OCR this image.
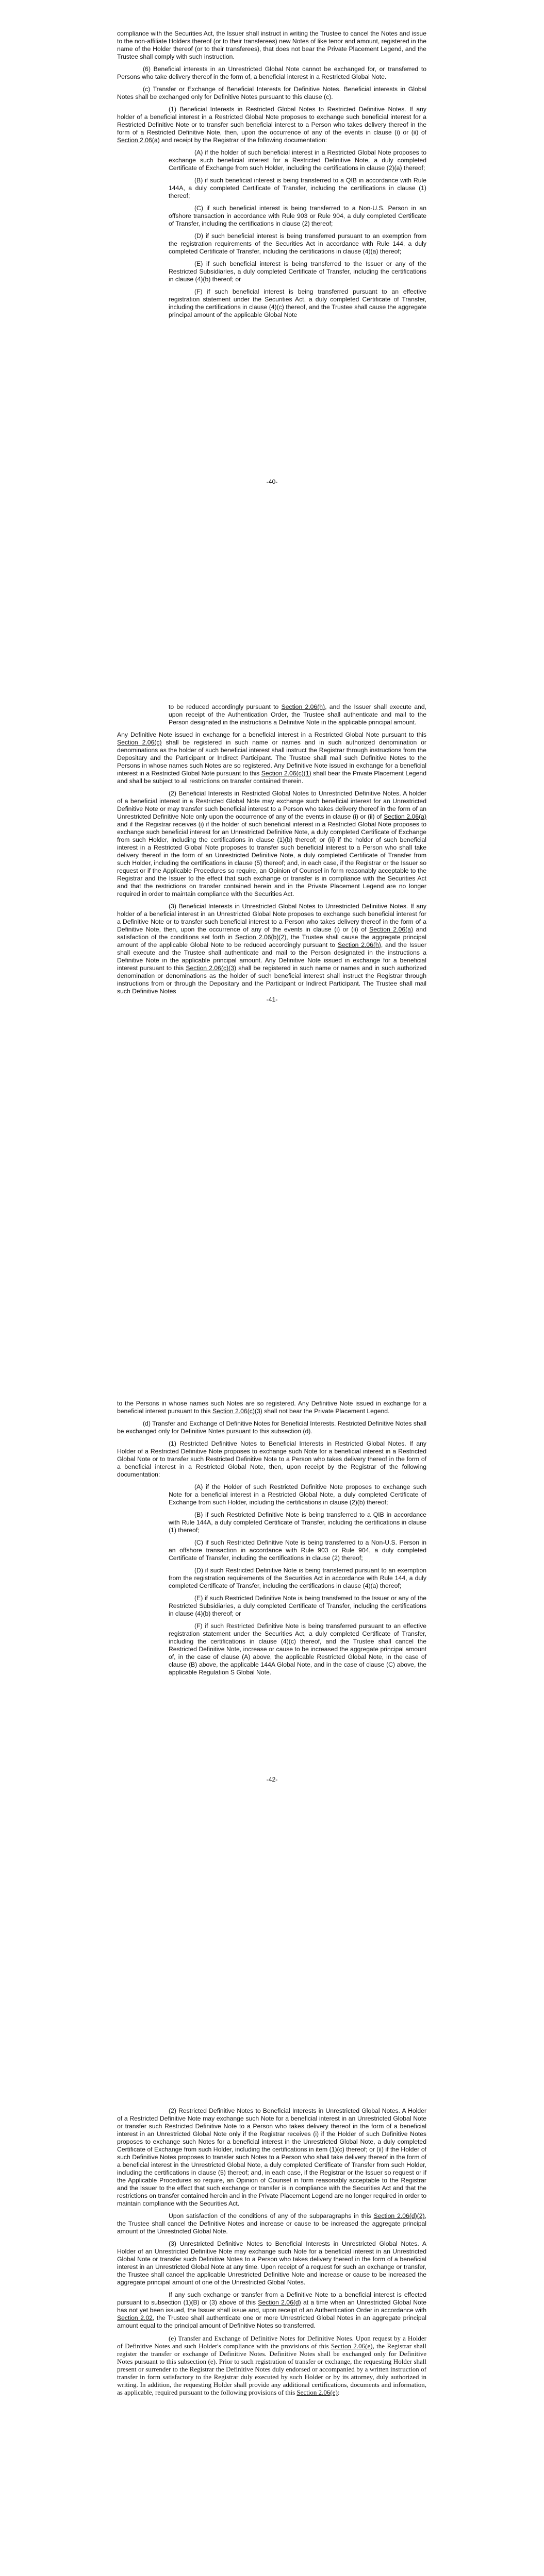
compliance with the Securities Act, the Issuer shall instruct in writing the Trustee to cancel the Notes and issue to the non-affiliate Holders thereof (or to their transferees) new Notes of like tenor and amount, registered in the name of the Holder thereof (or to their transferees), that does not bear the Private Placement Legend, and the Trustee shall comply with such instruction.

(6) Beneficial interests in an Unrestricted Global Note cannot be exchanged for, or transferred to Persons who take delivery thereof in the form of, a beneficial interest in a Restricted Global Note.

(c) Transfer or Exchange of Beneficial Interests for Definitive Notes. Beneficial interests in Global Notes shall be exchanged only for Definitive Notes pursuant to this clause (c).

(1) Beneficial Interests in Restricted Global Notes to Restricted Definitive Notes. If any holder of a beneficial interest in a Restricted Global Note proposes to exchange such beneficial interest for a Restricted Definitive Note or to transfer such beneficial interest to a Person who takes delivery thereof in the form of a Restricted Definitive Note, then, upon the occurrence of any of the events in clause (i) or (ii) of Section 2.06(a) and receipt by the Registrar of the following documentation:

(A) if the holder of such beneficial interest in a Restricted Global Note proposes to exchange such beneficial interest for a Restricted Definitive Note, a duly completed Certificate of Exchange from such Holder, including the certifications in clause (2)(a) thereof;

(B) if such beneficial interest is being transferred to a QIB in accordance with Rule 144A, a duly completed Certificate of Transfer, including the certifications in clause (1) thereof;

(C) if such beneficial interest is being transferred to a Non-U.S. Person in an offshore transaction in accordance with Rule 903 or Rule 904, a duly completed Certificate of Transfer, including the certifications in clause (2) thereof;

(D) if such beneficial interest is being transferred pursuant to an exemption from the registration requirements of the Securities Act in accordance with Rule 144, a duly completed Certificate of Transfer, including the certifications in clause (4)(a) thereof;

(E) if such beneficial interest is being transferred to the Issuer or any of the Restricted Subsidiaries, a duly completed Certificate of Transfer, including the certifications in clause (4)(b) thereof; or

(F) if such beneficial interest is being transferred pursuant to an effective registration statement under the Securities Act, a duly completed Certificate of Transfer, including the certifications in clause (4)(c) thereof, and the Trustee shall cause the aggregate principal amount of the applicable Global Note

-40-

to be reduced accordingly pursuant to Section 2.06(h), and the Issuer shall execute and, upon receipt of the Authentication Order, the Trustee shall authenticate and mail to the Person designated in the instructions a Definitive Note in the applicable principal amount.

Any Definitive Note issued in exchange for a beneficial interest in a Restricted Global Note pursuant to this Section 2.06(c) shall be registered in such name or names and in such authorized denomination or denominations as the holder of such beneficial interest shall instruct the Registrar through instructions from the Depositary and the Participant or Indirect Participant. The Trustee shall mail such Definitive Notes to the Persons in whose names such Notes are so registered. Any Definitive Note issued in exchange for a beneficial interest in a Restricted Global Note pursuant to this Section 2.06(c)(1) shall bear the Private Placement Legend and shall be subject to all restrictions on transfer contained therein.

(2) Beneficial Interests in Restricted Global Notes to Unrestricted Definitive Notes. A holder of a beneficial interest in a Restricted Global Note may exchange such beneficial interest for an Unrestricted Definitive Note or may transfer such beneficial interest to a Person who takes delivery thereof in the form of an Unrestricted Definitive Note only upon the occurrence of any of the events in clause (i) or (ii) of Section 2.06(a) and if the Registrar receives (i) if the holder of such beneficial interest in a Restricted Global Note proposes to exchange such beneficial interest for an Unrestricted Definitive Note, a duly completed Certificate of Exchange from such Holder, including the certifications in clause (1)(b) thereof; or (ii) if the holder of such beneficial interest in a Restricted Global Note proposes to transfer such beneficial interest to a Person who shall take delivery thereof in the form of an Unrestricted Definitive Note, a duly completed Certificate of Transfer from such Holder, including the certifications in clause (5) thereof; and, in each case, if the Registrar or the Issuer so request or if the Applicable Procedures so require, an Opinion of Counsel in form reasonably acceptable to the Registrar and the Issuer to the effect that such exchange or transfer is in compliance with the Securities Act and that the restrictions on transfer contained herein and in the Private Placement Legend are no longer required in order to maintain compliance with the Securities Act.

(3) Beneficial Interests in Unrestricted Global Notes to Unrestricted Definitive Notes. If any holder of a beneficial interest in an Unrestricted Global Note proposes to exchange such beneficial interest for a Definitive Note or to transfer such beneficial interest to a Person who takes delivery thereof in the form of a Definitive Note, then, upon the occurrence of any of the events in clause (i) or (ii) of Section 2.06(a) and satisfaction of the conditions set forth in Section 2.06(b)(2), the Trustee shall cause the aggregate principal amount of the applicable Global Note to be reduced accordingly pursuant to Section 2.06(h), and the Issuer shall execute and the Trustee shall authenticate and mail to the Person designated in the instructions a Definitive Note in the applicable principal amount. Any Definitive Note issued in exchange for a beneficial interest pursuant to this Section 2.06(c)(3) shall be registered in such name or names and in such authorized denomination or denominations as the holder of such beneficial interest shall instruct the Registrar through instructions from or through the Depositary and the Participant or Indirect Participant. The Trustee shall mail such Definitive Notes

-41-

to the Persons in whose names such Notes are so registered. Any Definitive Note issued in exchange for a beneficial interest pursuant to this Section 2.06(c)(3) shall not bear the Private Placement Legend.

(d) Transfer and Exchange of Definitive Notes for Beneficial Interests. Restricted Definitive Notes shall be exchanged only for Definitive Notes pursuant to this subsection (d).

(1) Restricted Definitive Notes to Beneficial Interests in Restricted Global Notes. If any Holder of a Restricted Definitive Note proposes to exchange such Note for a beneficial interest in a Restricted Global Note or to transfer such Restricted Definitive Note to a Person who takes delivery thereof in the form of a beneficial interest in a Restricted Global Note, then, upon receipt by the Registrar of the following documentation:

(A) if the Holder of such Restricted Definitive Note proposes to exchange such Note for a beneficial interest in a Restricted Global Note, a duly completed Certificate of Exchange from such Holder, including the certifications in clause (2)(b) thereof;

(B) if such Restricted Definitive Note is being transferred to a QIB in accordance with Rule 144A, a duly completed Certificate of Transfer, including the certifications in clause (1) thereof;

(C) if such Restricted Definitive Note is being transferred to a Non-U.S. Person in an offshore transaction in accordance with Rule 903 or Rule 904, a duly completed Certificate of Transfer, including the certifications in clause (2) thereof;

(D) if such Restricted Definitive Note is being transferred pursuant to an exemption from the registration requirements of the Securities Act in accordance with Rule 144, a duly completed Certificate of Transfer, including the certifications in clause (4)(a) thereof;

(E) if such Restricted Definitive Note is being transferred to the Issuer or any of the Restricted Subsidiaries, a duly completed Certificate of Transfer, including the certifications in clause (4)(b) thereof; or

(F) if such Restricted Definitive Note is being transferred pursuant to an effective registration statement under the Securities Act, a duly completed Certificate of Transfer, including the certifications in clause (4)(c) thereof, and the Trustee shall cancel the Restricted Definitive Note, increase or cause to be increased the aggregate principal amount of, in the case of clause (A) above, the applicable Restricted Global Note, in the case of clause (B) above, the applicable 144A Global Note, and in the case of clause (C) above, the applicable Regulation S Global Note.

-42-

(2) Restricted Definitive Notes to Beneficial Interests in Unrestricted Global Notes. A Holder of a Restricted Definitive Note may exchange such Note for a beneficial interest in an Unrestricted Global Note or transfer such Restricted Definitive Note to a Person who takes delivery thereof in the form of a beneficial interest in an Unrestricted Global Note only if the Registrar receives (i) if the Holder of such Definitive Notes proposes to exchange such Notes for a beneficial interest in the Unrestricted Global Note, a duly completed Certificate of Exchange from such Holder, including the certifications in item (1)(c) thereof; or (ii) if the Holder of such Definitive Notes proposes to transfer such Notes to a Person who shall take delivery thereof in the form of a beneficial interest in the Unrestricted Global Note, a duly completed Certificate of Transfer from such Holder, including the certifications in clause (5) thereof; and, in each case, if the Registrar or the Issuer so request or if the Applicable Procedures so require, an Opinion of Counsel in form reasonably acceptable to the Registrar and the Issuer to the effect that such exchange or transfer is in compliance with the Securities Act and that the restrictions on transfer contained herein and in the Private Placement Legend are no longer required in order to maintain compliance with the Securities Act.

Upon satisfaction of the conditions of any of the subparagraphs in this Section 2.06(d)(2), the Trustee shall cancel the Definitive Notes and increase or cause to be increased the aggregate principal amount of the Unrestricted Global Note.

(3) Unrestricted Definitive Notes to Beneficial Interests in Unrestricted Global Notes. A Holder of an Unrestricted Definitive Note may exchange such Note for a beneficial interest in an Unrestricted Global Note or transfer such Definitive Notes to a Person who takes delivery thereof in the form of a beneficial interest in an Unrestricted Global Note at any time. Upon receipt of a request for such an exchange or transfer, the Trustee shall cancel the applicable Unrestricted Definitive Note and increase or cause to be increased the aggregate principal amount of one of the Unrestricted Global Notes.

If any such exchange or transfer from a Definitive Note to a beneficial interest is effected pursuant to subsection (1)(B) or (3) above of this Section 2.06(d) at a time when an Unrestricted Global Note has not yet been issued, the Issuer shall issue and, upon receipt of an Authentication Order in accordance with Section 2.02, the Trustee shall authenticate one or more Unrestricted Global Notes in an aggregate principal amount equal to the principal amount of Definitive Notes so transferred.

(e) Transfer and Exchange of Definitive Notes for Definitive Notes. Upon request by a Holder of Definitive Notes and such Holder's compliance with the provisions of this Section 2.06(e), the Registrar shall register the transfer or exchange of Definitive Notes. Definitive Notes shall be exchanged only for Definitive Notes pursuant to this subsection (e). Prior to such registration of transfer or exchange, the requesting Holder shall present or surrender to the Registrar the Definitive Notes duly endorsed or accompanied by a written instruction of transfer in form satisfactory to the Registrar duly executed by such Holder or by its attorney, duly authorized in writing. In addition, the requesting Holder shall provide any additional certifications, documents and information, as applicable, required pursuant to the following provisions of this Section 2.06(e):
